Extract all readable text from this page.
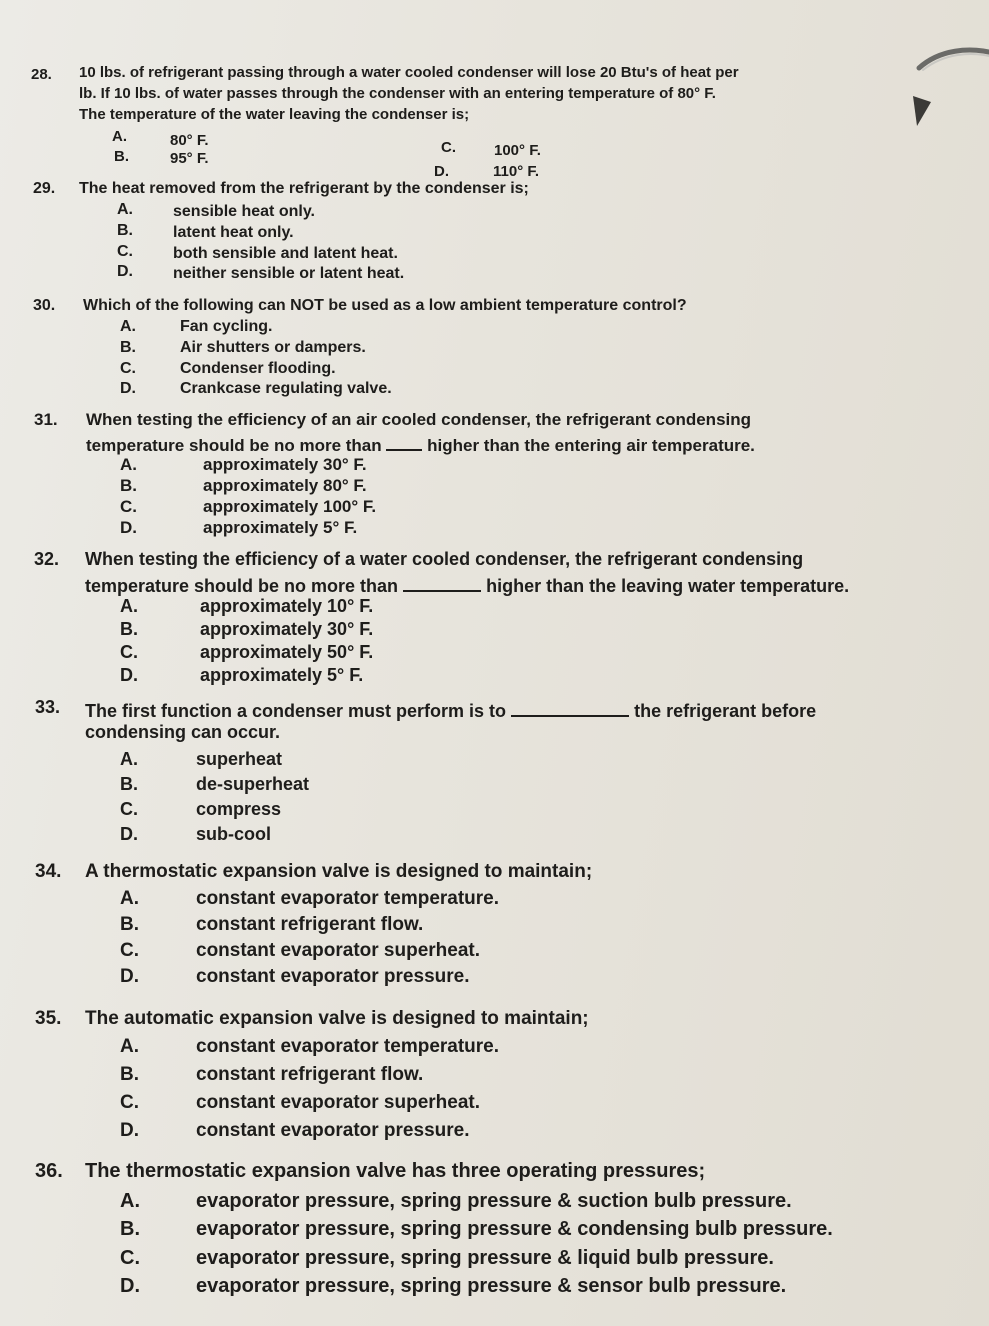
28. 10 lbs. of refrigerant passing through a water cooled condenser will lose 20 Btu's of heat per
lb. If 10 lbs. of water passes through the condenser with an entering temperature of 80° F.
The temperature of the water leaving the condenser is;
A.	80° F.
B.	95° F.
C.	100° F.
D.	110° F.
29. The heat removed from the refrigerant by the condenser is;
A.	sensible heat only.
B.	latent heat only.
C.	both sensible and latent heat.
D.	neither sensible or latent heat.
30. Which of the following can NOT be used as a low ambient temperature control?
A.	Fan cycling.
B.	Air shutters or dampers.
C.	Condenser flooding.
D.	Crankcase regulating valve.
31. When testing the efficiency of an air cooled condenser, the refrigerant condensing
temperature should be no more than	higher than the entering air temperature.
A.	approximately 30° F.
B.	approximately 80° F.
C.	approximately 100° F.
D.	approximately 5° F.
32. When testing the efficiency of a water cooled condenser, the refrigerant condensing
temperature should be no more than	higher than the leaving water temperature.
A.	approximately 10° F.
B.	approximately 30° F.
C.	approximately 50° F.
D.	approximately 5° F.
33. The first function a condenser must perform is to	the refrigerant before
condensing can occur.
A.	superheat
B.	de-superheat
C.	compress
D.	sub-cool
34. A thermostatic expansion valve is designed to maintain;
A.	constant evaporator temperature.
B.	constant refrigerant flow.
C.	constant evaporator superheat.
D.	constant evaporator pressure.
35. The automatic expansion valve is designed to maintain;
A.	constant evaporator temperature.
B.	constant refrigerant flow.
C.	constant evaporator superheat.
D.	constant evaporator pressure.
36. The thermostatic expansion valve has three operating pressures;
A.	evaporator pressure, spring pressure & suction bulb pressure.
B.	evaporator pressure, spring pressure & condensing bulb pressure.
C.	evaporator pressure, spring pressure & liquid bulb pressure.
D.	evaporator pressure, spring pressure & sensor bulb pressure.
